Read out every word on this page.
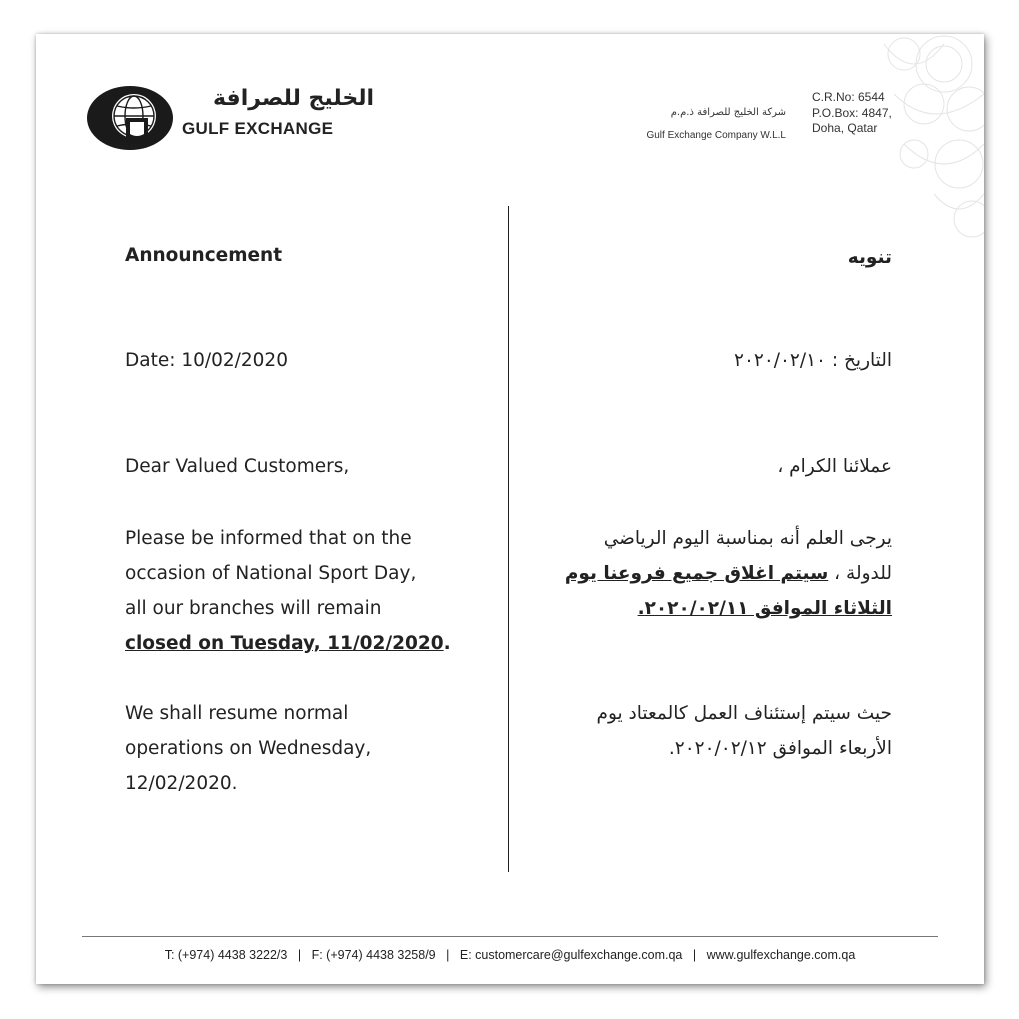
since 1977
الخليج للصرافة
GULF EXCHANGE
شركة الخليج للصرافة ذ.م.م
Gulf Exchange Company W.L.L
C.R.No: 6544
P.O.Box: 4847,
Doha, Qatar
Announcement
Date: 10/02/2020
Dear Valued Customers,
Please be informed that on the
occasion of National Sport Day,
all our branches will remain
closed on Tuesday, 11/02/2020.
We shall resume normal
operations on Wednesday,
12/02/2020.
تنويه
التاريخ : ٢٠٢٠/٠٢/١٠
عملائنا الكرام ،
يرجى العلم أنه بمناسبة اليوم الرياضي
للدولة ، سيتم اغلاق جميع فروعنا يوم
الثلاثاء الموافق ٢٠٢٠/٠٢/١١.
حيث سيتم إستئناف العمل كالمعتاد يوم
الأربعاء الموافق ٢٠٢٠/٠٢/١٢.
T: (+974) 4438 3222/3 | F: (+974) 4438 3258/9 | E: customercare@gulfexchange.com.qa | www.gulfexchange.com.qa
